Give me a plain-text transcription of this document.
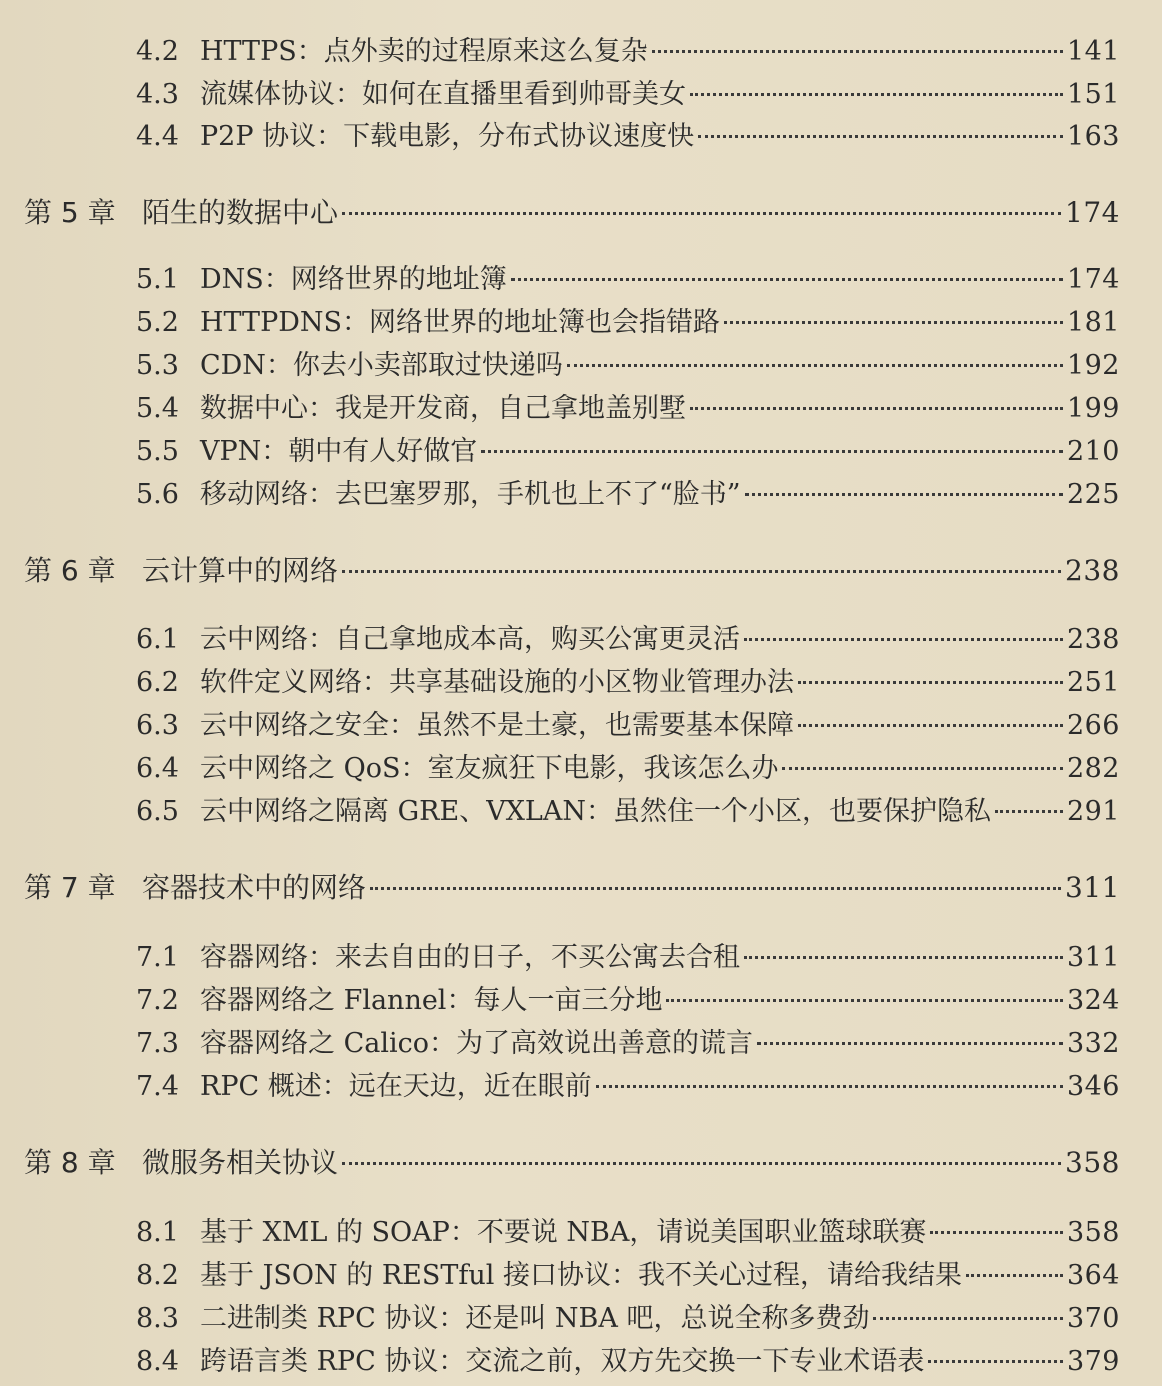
4.2 HTTPS：点外卖的过程原来这么复杂	141
4.3 流媒体协议：如何在直播里看到帅哥美女	151
4.4 P2P 协议：下载电影，分布式协议速度快	163
第 5 章 陌生的数据中心	174
5.1 DNS：网络世界的地址簿	174
5.2 HTTPDNS：网络世界的地址簿也会指错路	181
5.3 CDN：你去小卖部取过快递吗	192
5.4 数据中心：我是开发商，自己拿地盖别墅	199
5.5 VPN：朝中有人好做官	210
5.6 移动网络：去巴塞罗那，手机也上不了“脸书”	225
第 6 章 云计算中的网络	238
6.1 云中网络：自己拿地成本高，购买公寓更灵活	238
6.2 软件定义网络：共享基础设施的小区物业管理办法	251
6.3 云中网络之安全：虽然不是土豪，也需要基本保障	266
6.4 云中网络之 QoS：室友疯狂下电影，我该怎么办	282
6.5 云中网络之隔离 GRE、VXLAN：虽然住一个小区，也要保护隐私	291
第 7 章 容器技术中的网络	311
7.1 容器网络：来去自由的日子，不买公寓去合租	311
7.2 容器网络之 Flannel：每人一亩三分地	324
7.3 容器网络之 Calico：为了高效说出善意的谎言	332
7.4 RPC 概述：远在天边，近在眼前	346
第 8 章 微服务相关协议	358
8.1 基于 XML 的 SOAP：不要说 NBA，请说美国职业篮球联赛	358
8.2 基于 JSON 的 RESTful 接口协议：我不关心过程，请给我结果	364
8.3 二进制类 RPC 协议：还是叫 NBA 吧，总说全称多费劲	370
8.4 跨语言类 RPC 协议：交流之前，双方先交换一下专业术语表	379
